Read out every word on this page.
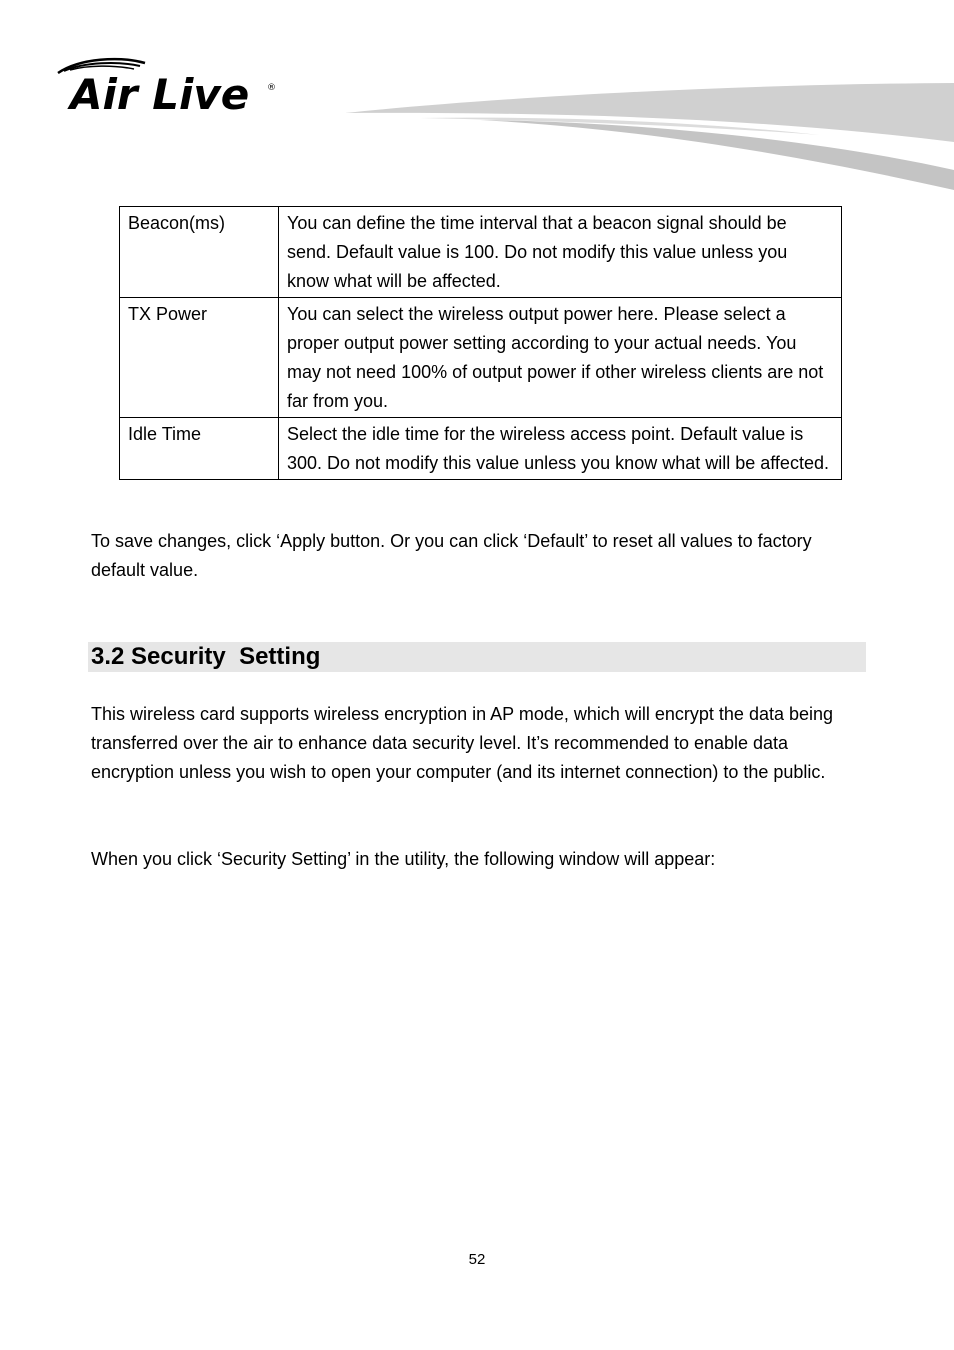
Air Live ®
Beacon(ms)	You can define the time interval that a beacon signal should be send. Default value is 100. Do not modify this value unless you know what will be affected.
TX Power	You can select the wireless output power here. Please select a proper output power setting according to your actual needs. You may not need 100% of output power if other wireless clients are not far from you.
Idle Time	Select the idle time for the wireless access point. Default value is 300. Do not modify this value unless you know what will be affected.

To save changes, click ‘Apply button. Or you can click ‘Default’ to reset all values to factory default value.

3.2 Security  Setting

This wireless card supports wireless encryption in AP mode, which will encrypt the data being transferred over the air to enhance data security level. It’s recommended to enable data encryption unless you wish to open your computer (and its internet connection) to the public.

When you click ‘Security Setting’ in the utility, the following window will appear:

52
